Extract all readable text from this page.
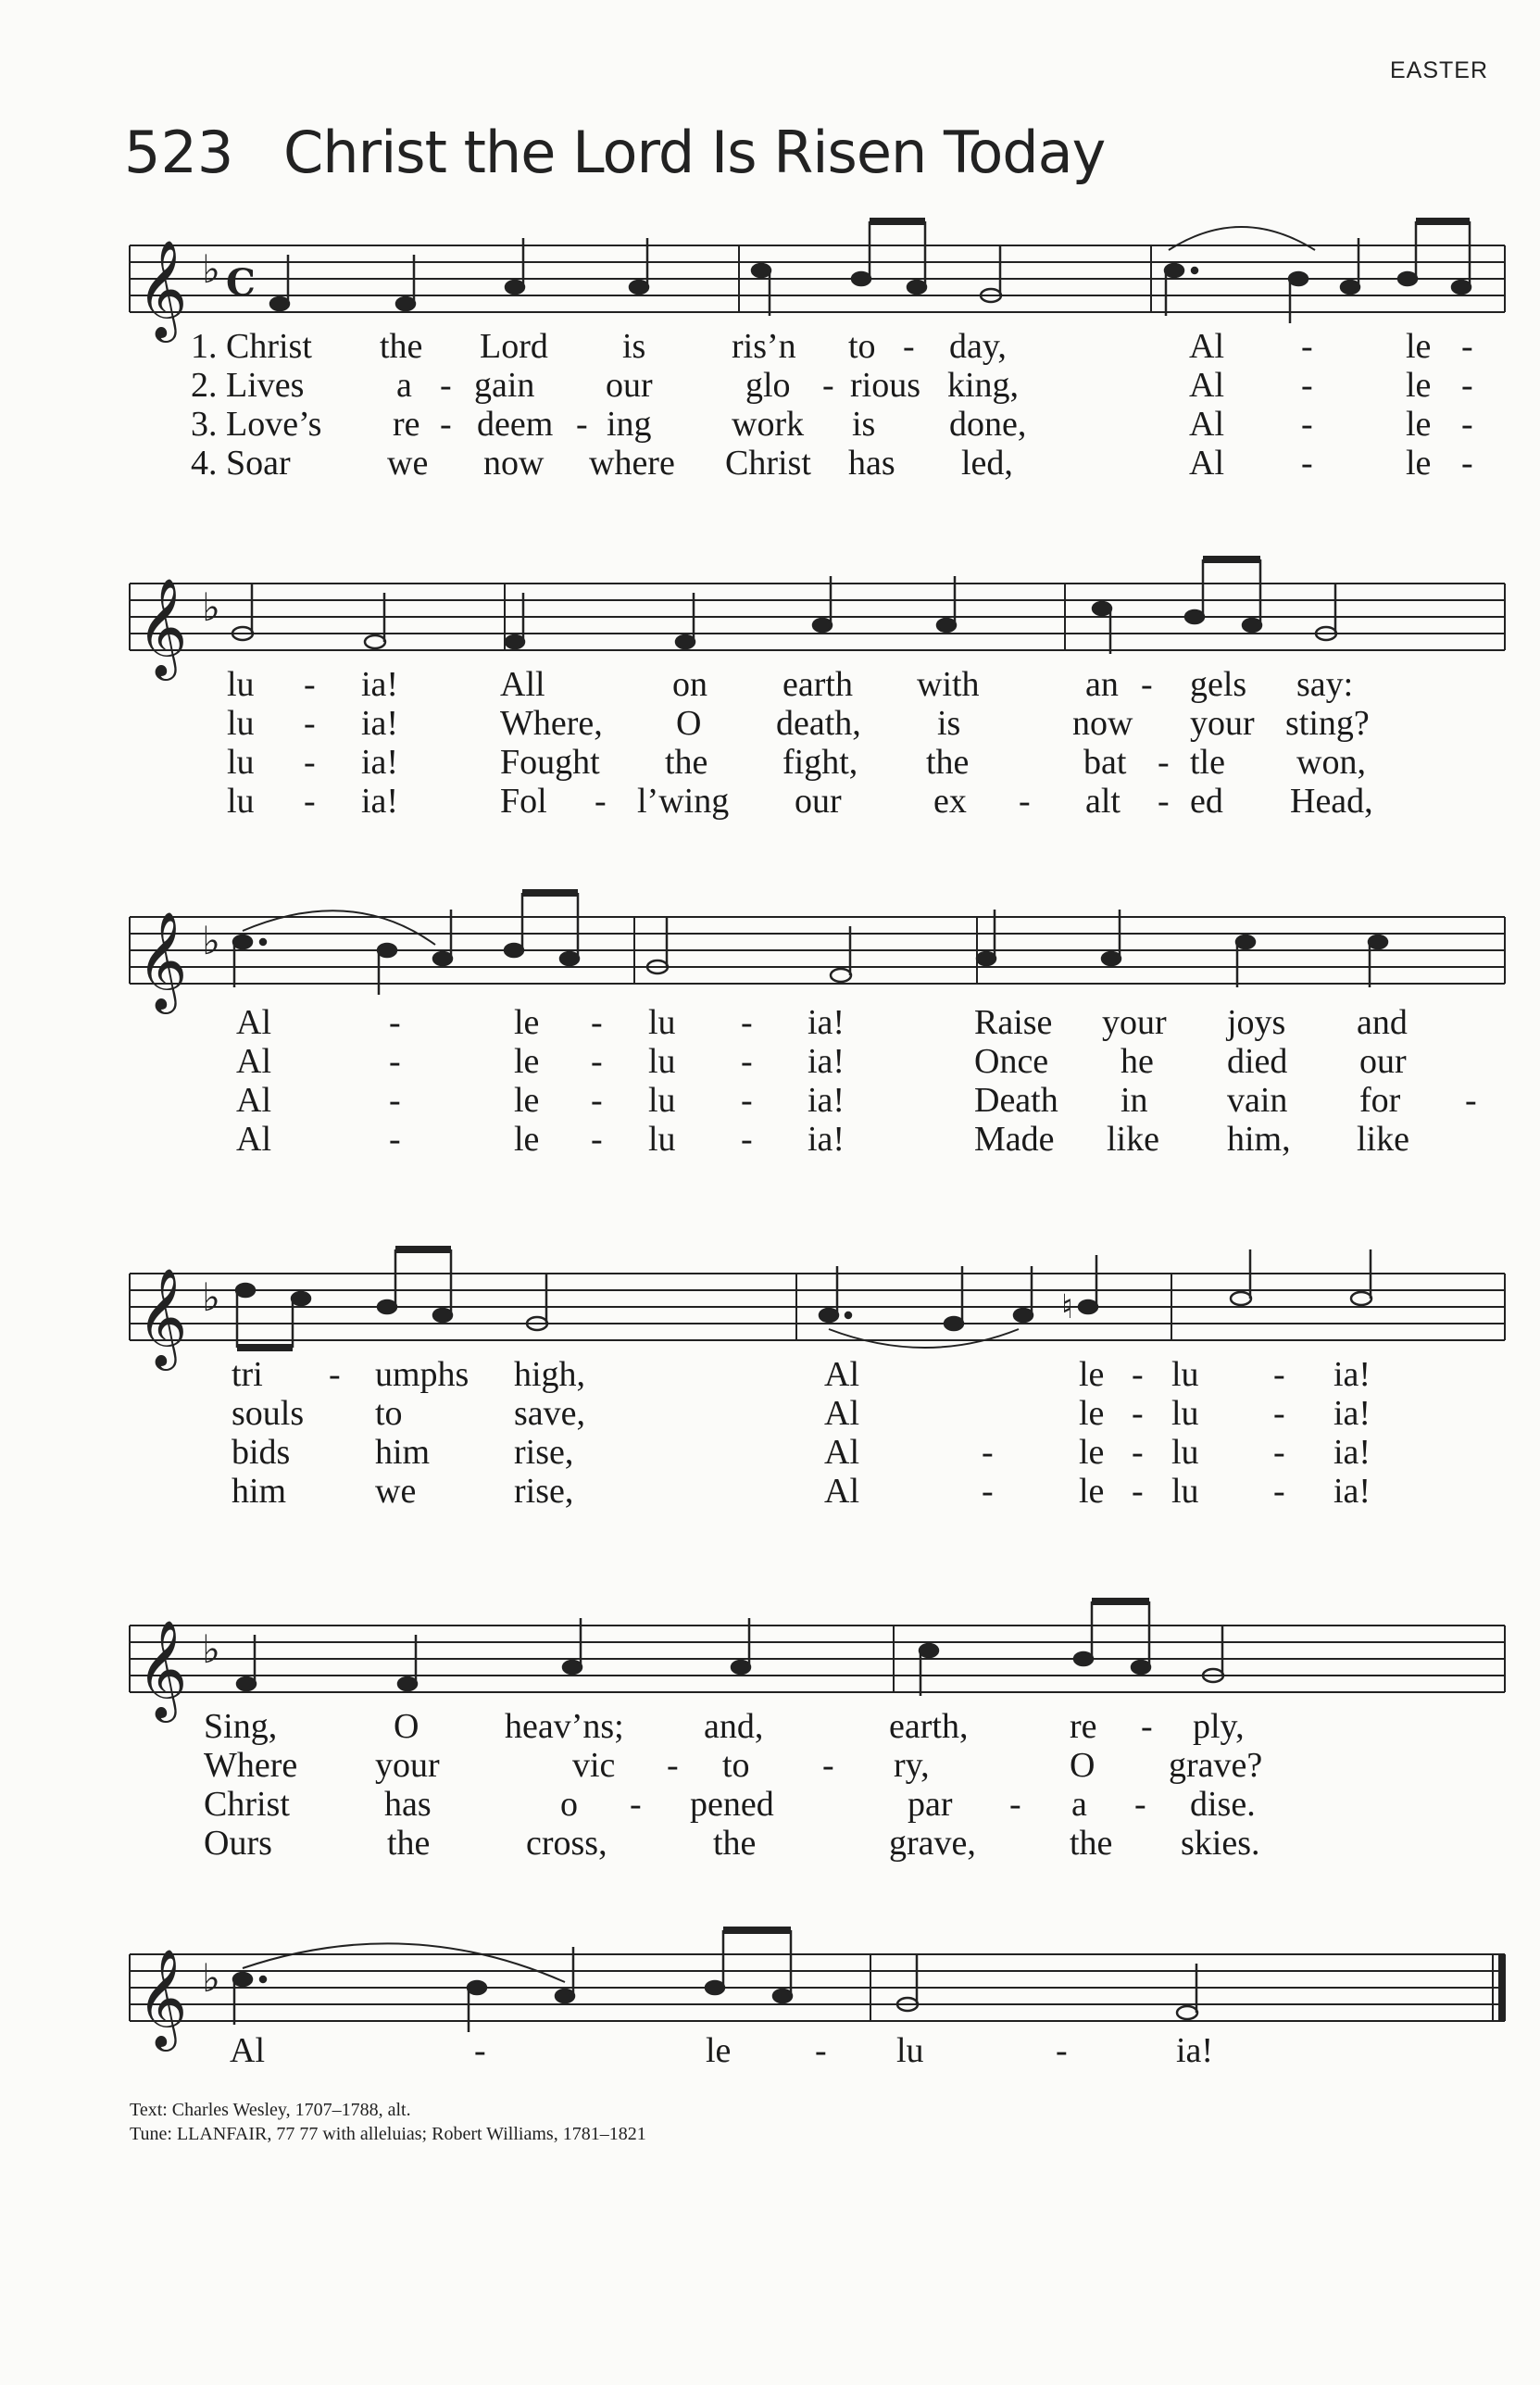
EASTER
523 Christ the Lord Is Risen Today
𝄞 ♭ C
1. Christ the Lord is ris’n to - day,	Al -	le -
2. Lives	a - gain our	glo - rious king,	Al -	le -
3. Love’s re - deem - ing work is done,	Al -	le -
4. Soar	we now where Christ has led,	Al -	le -
𝄞 ♭
lu - ia!	All	on earth with	an - gels say:
lu - ia!	Where, O death, is	now your sting?
lu - ia!	Fought the fight, the	bat - tle won,
lu - ia!	Fol - l’wing our	ex - alt - ed Head,
𝄞 ♭
Al	-	le - lu - ia!	Raise your joys and
Al	-	le - lu - ia!	Once he died our
Al	-	le - lu - ia!	Death in vain for -
Al	-	le - lu - ia!	Made like him, like
𝄞 ♭	♮
tri - umphs high,	Al	le - lu - ia!
souls to	save,	Al	le - lu - ia!
bids him rise,	Al	- le - lu - ia!
him	we	rise,	Al	- le - lu - ia!
𝄞 ♭
Sing,	O heav’ns; and,	earth,	re - ply,
Where your	vic - to - ry,	O grave?
Christ	has	o - pened	par - a - dise.
Ours	the	cross,	the	grave,	the skies.
𝄞 ♭
Al	-	le - lu	-	ia!
Text: Charles Wesley, 1707–1788, alt.
Tune: LLANFAIR, 77 77 with alleluias; Robert Williams, 1781–1821
